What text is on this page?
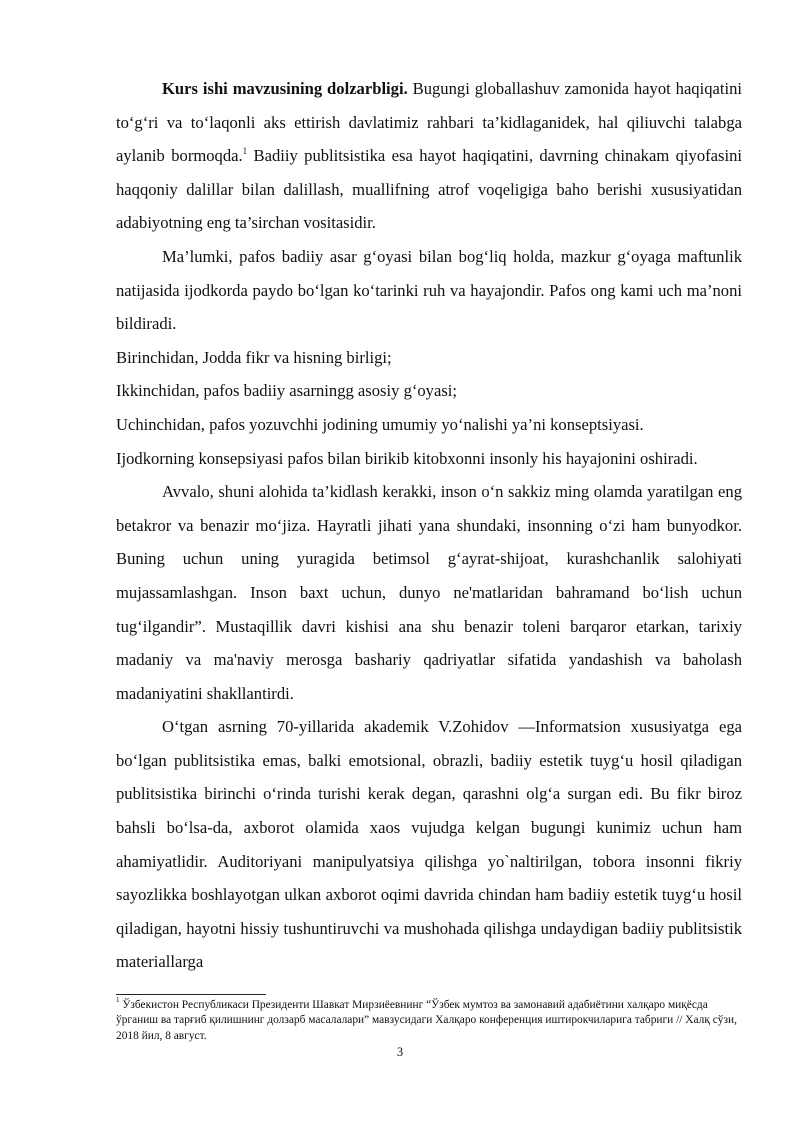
Kurs ishi mavzusining dolzarbligi. Bugungi globallashuv zamonida hayot haqiqatini to‘g‘ri va to‘laqonli aks ettirish davlatimiz rahbari ta’kidlaganidek, hal qiliuvchi talabga aylanib bormoqda.$^1$ Badiiy publitsistika esa hayot haqiqatini, davrning chinakam qiyofasini haqqoniy dalillar bilan dalillash, muallifning atrof voqeligiga baho berishi xususiyatidan adabiyotning eng ta’sirchan vositasidir.

Ma’lumki, pafos badiiy asar g‘oyasi bilan bog‘liq holda, mazkur g‘oyaga maftunlik natijasida ijodkorda paydo bo‘lgan ko‘tarinki ruh va hayajondir. Pafos ong kami uch ma’noni bildiradi.

Birinchidan, Jodda fikr va hisning birligi;

Ikkinchidan, pafos badiiy asarningg asosiy g‘oyasi;

Uchinchidan, pafos yozuvchhi jodining umumiy yo‘nalishi ya’ni konseptsiyasi.

Ijodkorning konsepsiyasi pafos bilan birikib kitobxonni insonly his hayajonini oshiradi.

Avvalo, shuni alohida ta’kidlash kerakki, inson o‘n sakkiz ming olamda yaratilgan eng betakror va benazir mo‘jiza. Hayratli jihati yana shundaki, insonning o‘zi ham bunyodkor. Buning uchun uning yuragida betimsol g‘ayrat-shijoat, kurashchanlik salohiyati mujassamlashgan. Inson baxt uchun, dunyo ne'matlaridan bahramand bo‘lish uchun tug‘ilgandir”. Mustaqillik davri kishisi ana shu benazir toleni barqaror etarkan, tarixiy madaniy va ma'naviy merosga bashariy qadriyatlar sifatida yandashish va baholash madaniyatini shakllantirdi.

O‘tgan asrning 70-yillarida akademik V.Zohidov ―Informatsion xususiyatga ega bo‘lgan publitsistika emas, balki emotsional, obrazli, badiiy estetik tuyg‘u hosil qiladigan publitsistika birinchi o‘rinda turishi kerak degan, qarashni olg‘a surgan edi. Bu fikr biroz bahsli bo‘lsa-da, axborot olamida xaos vujudga kelgan bugungi kunimiz uchun ham ahamiyatlidir. Auditoriyani manipulyatsiya qilishga yo`naltirilgan, tobora insonni fikriy sayozlikka boshlayotgan ulkan axborot oqimi davrida chindan ham badiiy estetik tuyg‘u hosil qiladigan, hayotni hissiy tushuntiruvchi va mushohada qilishga undaydigan badiiy publitsistik materiallarga

$^1$ Ўзбекистон Республикаси Президенти Шавкат Мирзиёевнинг “Ўзбек мумтоз ва замонавий адабиётини халқаро миқёсда ўрганиш ва тарғиб қилишнинг долзарб масалалари” мавзусидаги Халқаро конференция иштирокчиларига табриги // Халқ сўзи, 2018 йил, 8 август.
3
